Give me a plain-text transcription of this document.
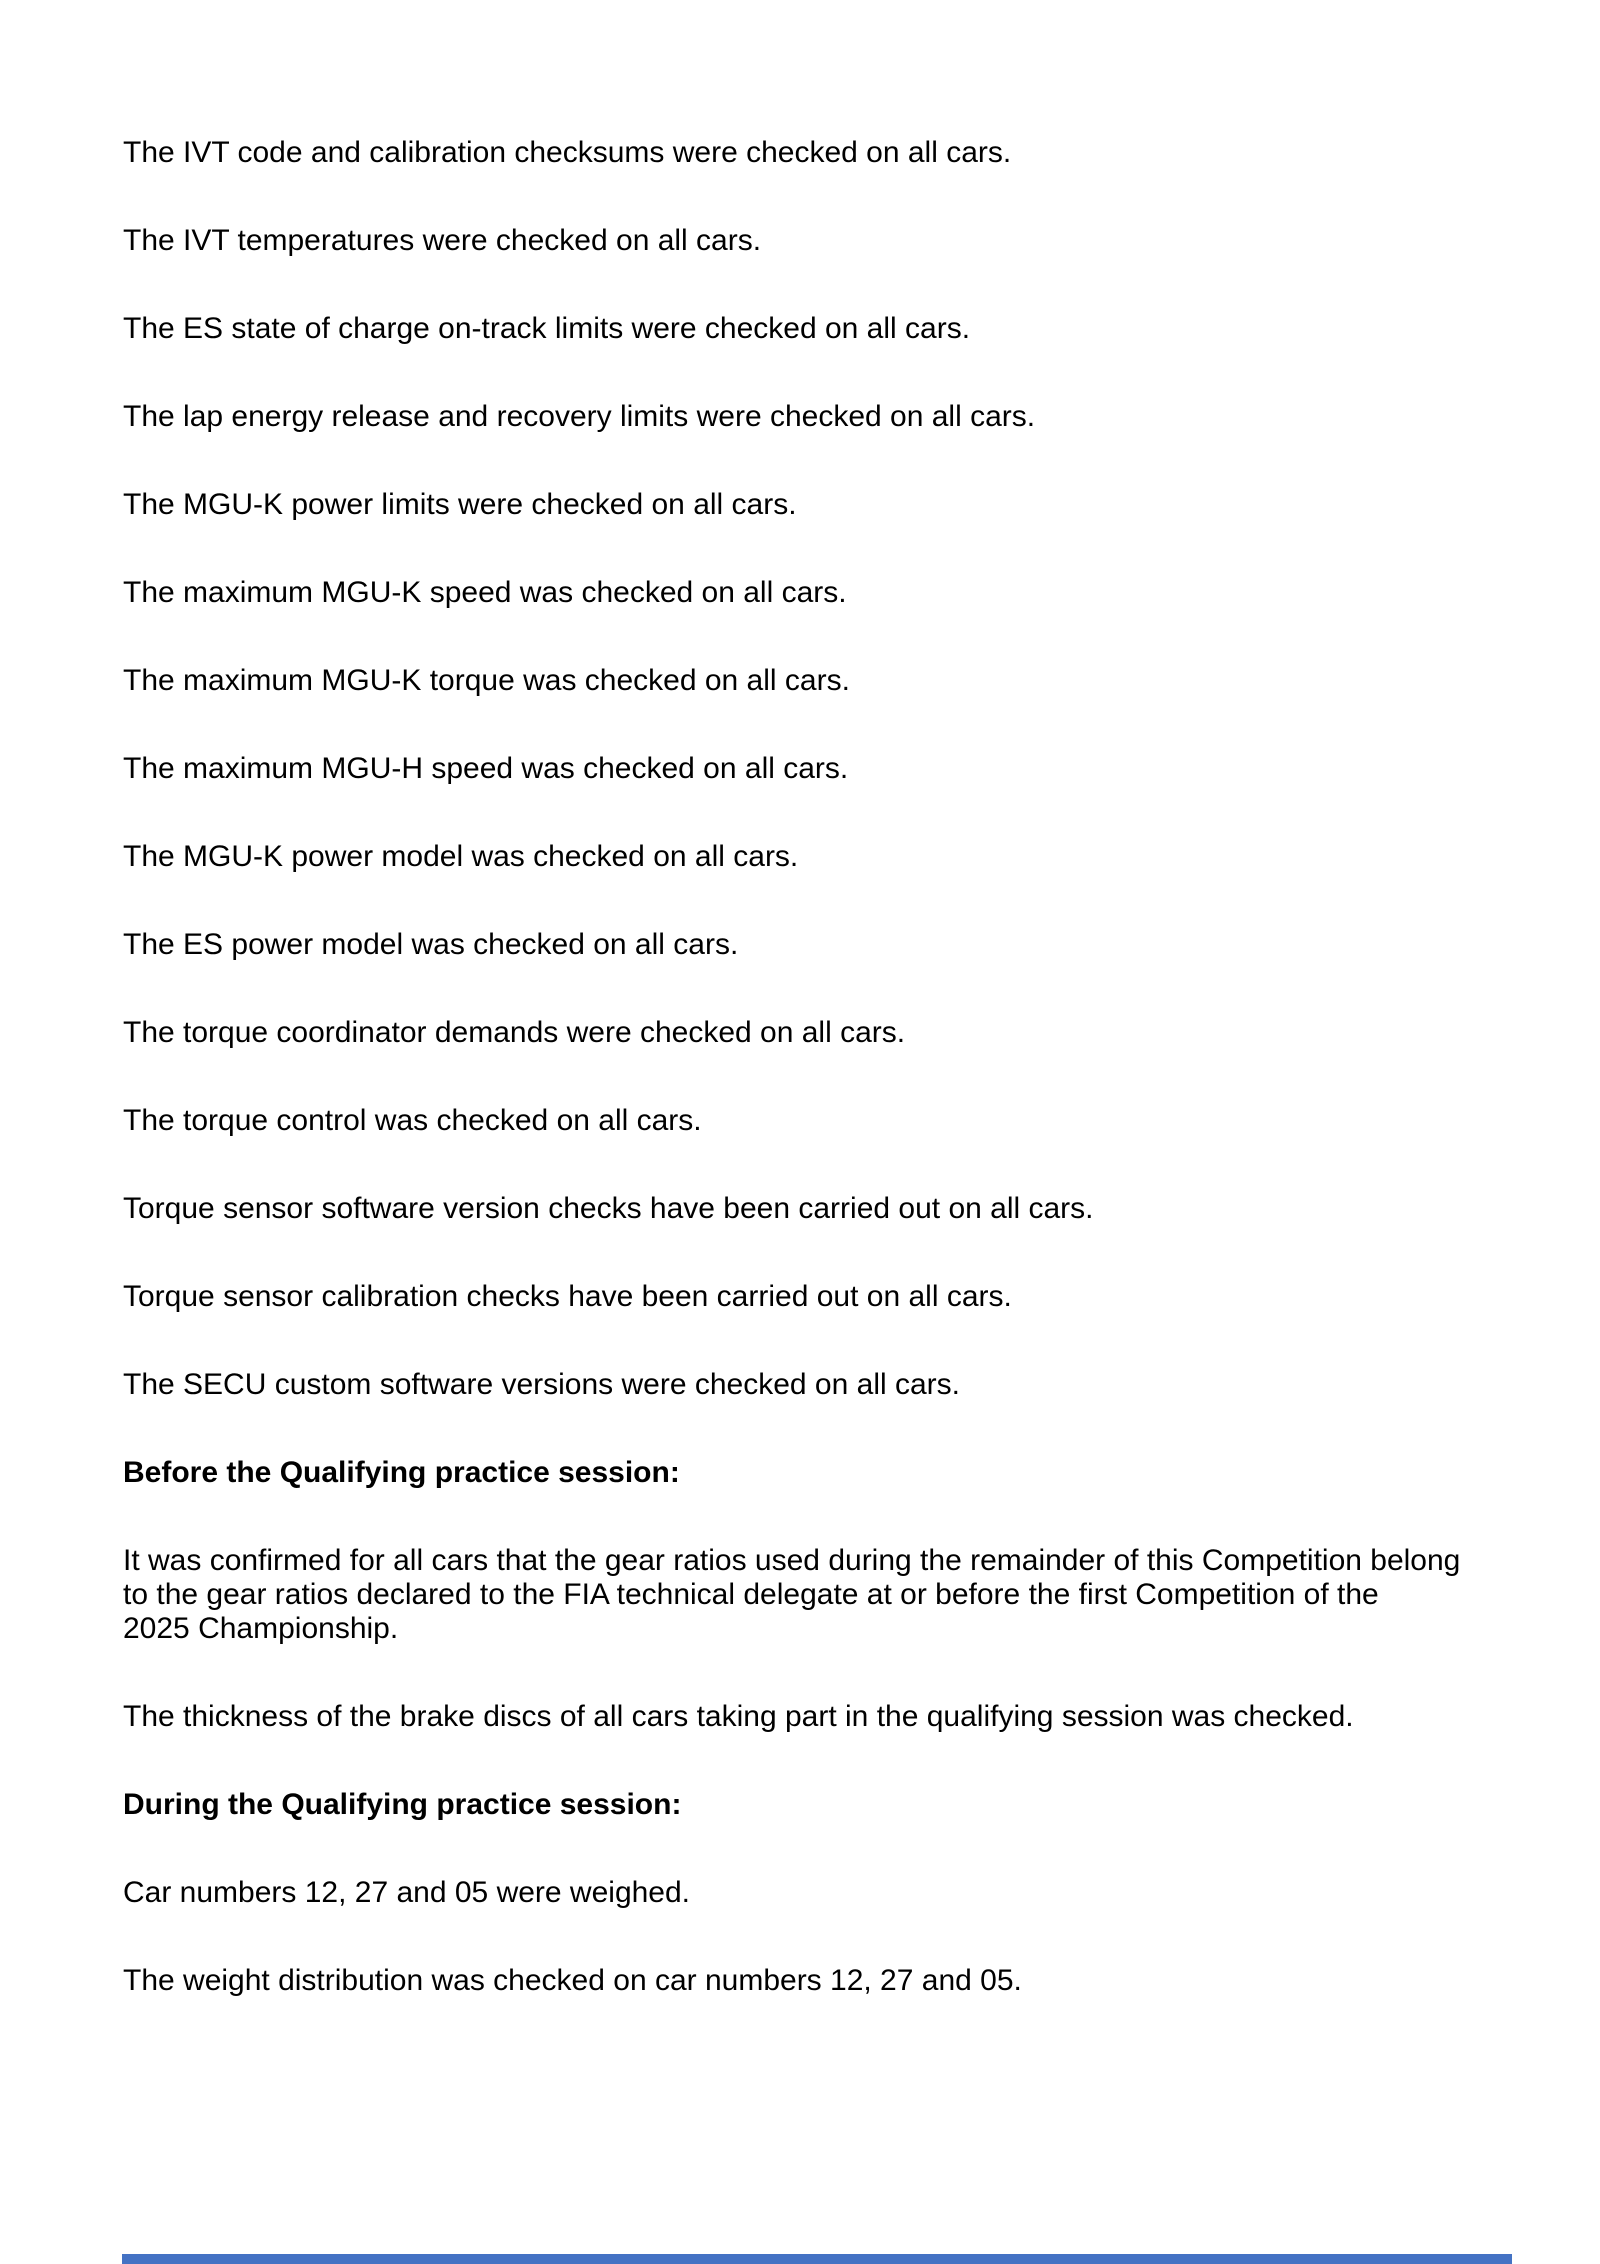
The IVT code and calibration checksums were checked on all cars.

The IVT temperatures were checked on all cars.

The ES state of charge on-track limits were checked on all cars.

The lap energy release and recovery limits were checked on all cars.

The MGU-K power limits were checked on all cars.

The maximum MGU-K speed was checked on all cars.

The maximum MGU-K torque was checked on all cars.

The maximum MGU-H speed was checked on all cars.

The MGU-K power model was checked on all cars.

The ES power model was checked on all cars.

The torque coordinator demands were checked on all cars.

The torque control was checked on all cars.

Torque sensor software version checks have been carried out on all cars.

Torque sensor calibration checks have been carried out on all cars.

The SECU custom software versions were checked on all cars.

Before the Qualifying practice session:

It was confirmed for all cars that the gear ratios used during the remainder of this Competition belong
to the gear ratios declared to the FIA technical delegate at or before the first Competition of the
2025 Championship.

The thickness of the brake discs of all cars taking part in the qualifying session was checked.

During the Qualifying practice session:

Car numbers 12, 27 and 05 were weighed.

The weight distribution was checked on car numbers 12, 27 and 05.
